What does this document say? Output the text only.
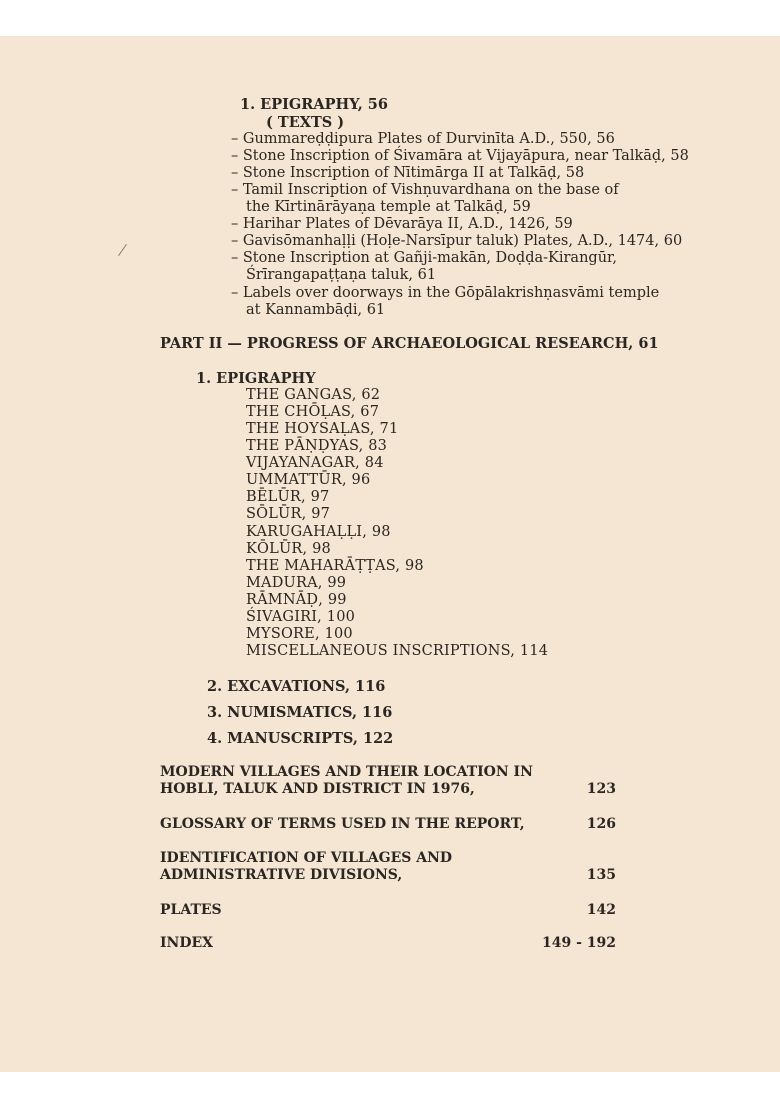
1. EPIGRAPHY, 56
( TEXTS )
– Gummareḍḍipura Plates of Durvinīta A.D., 550, 56
– Stone Inscription of Śivamāra at Vijayāpura, near Talkāḍ, 58
– Stone Inscription of Nītimārga II at Talkāḍ, 58
– Tamil Inscription of Vishṇuvardhana on the base of
the Kīrtinārāyaṇa temple at Talkāḍ, 59
– Harihar Plates of Dēvarāya II, A.D., 1426, 59
– Gavisōmanhaḷḷi (Hoḷe-Narsīpur taluk) Plates, A.D., 1474, 60
– Stone Inscription at Gañji-makān, Doḍḍa-Kirangūr,
Śrīrangapaṭṭaṇa taluk, 61
– Labels over doorways in the Gōpālakrishṇasvāmi temple
at Kannambāḍi, 61
PART II — PROGRESS OF ARCHAEOLOGICAL RESEARCH, 61
1. EPIGRAPHY
THE GANGAS, 62
THE CHŌḶAS, 67
THE HOYSAḶAS, 71
THE PĀṆḌYAS, 83
VIJAYANAGAR, 84
UMMATTŪR, 96
BĒLŪR, 97
SŌLŪR, 97
KARUGAHAḶḶI, 98
KŌLŪR, 98
THE MAHARĀṬṬAS, 98
MADURA, 99
RĀMNĀḌ, 99
ŚIVAGIRI, 100
MYSORE, 100
MISCELLANEOUS INSCRIPTIONS, 114
2. EXCAVATIONS, 116
3. NUMISMATICS, 116
4. MANUSCRIPTS, 122
MODERN VILLAGES AND THEIR LOCATION IN
HOBLI, TALUK AND DISTRICT IN 1976,	123
GLOSSARY OF TERMS USED IN THE REPORT,	126
IDENTIFICATION OF VILLAGES AND
ADMINISTRATIVE DIVISIONS,	135
PLATES	142
INDEX	149 - 192
